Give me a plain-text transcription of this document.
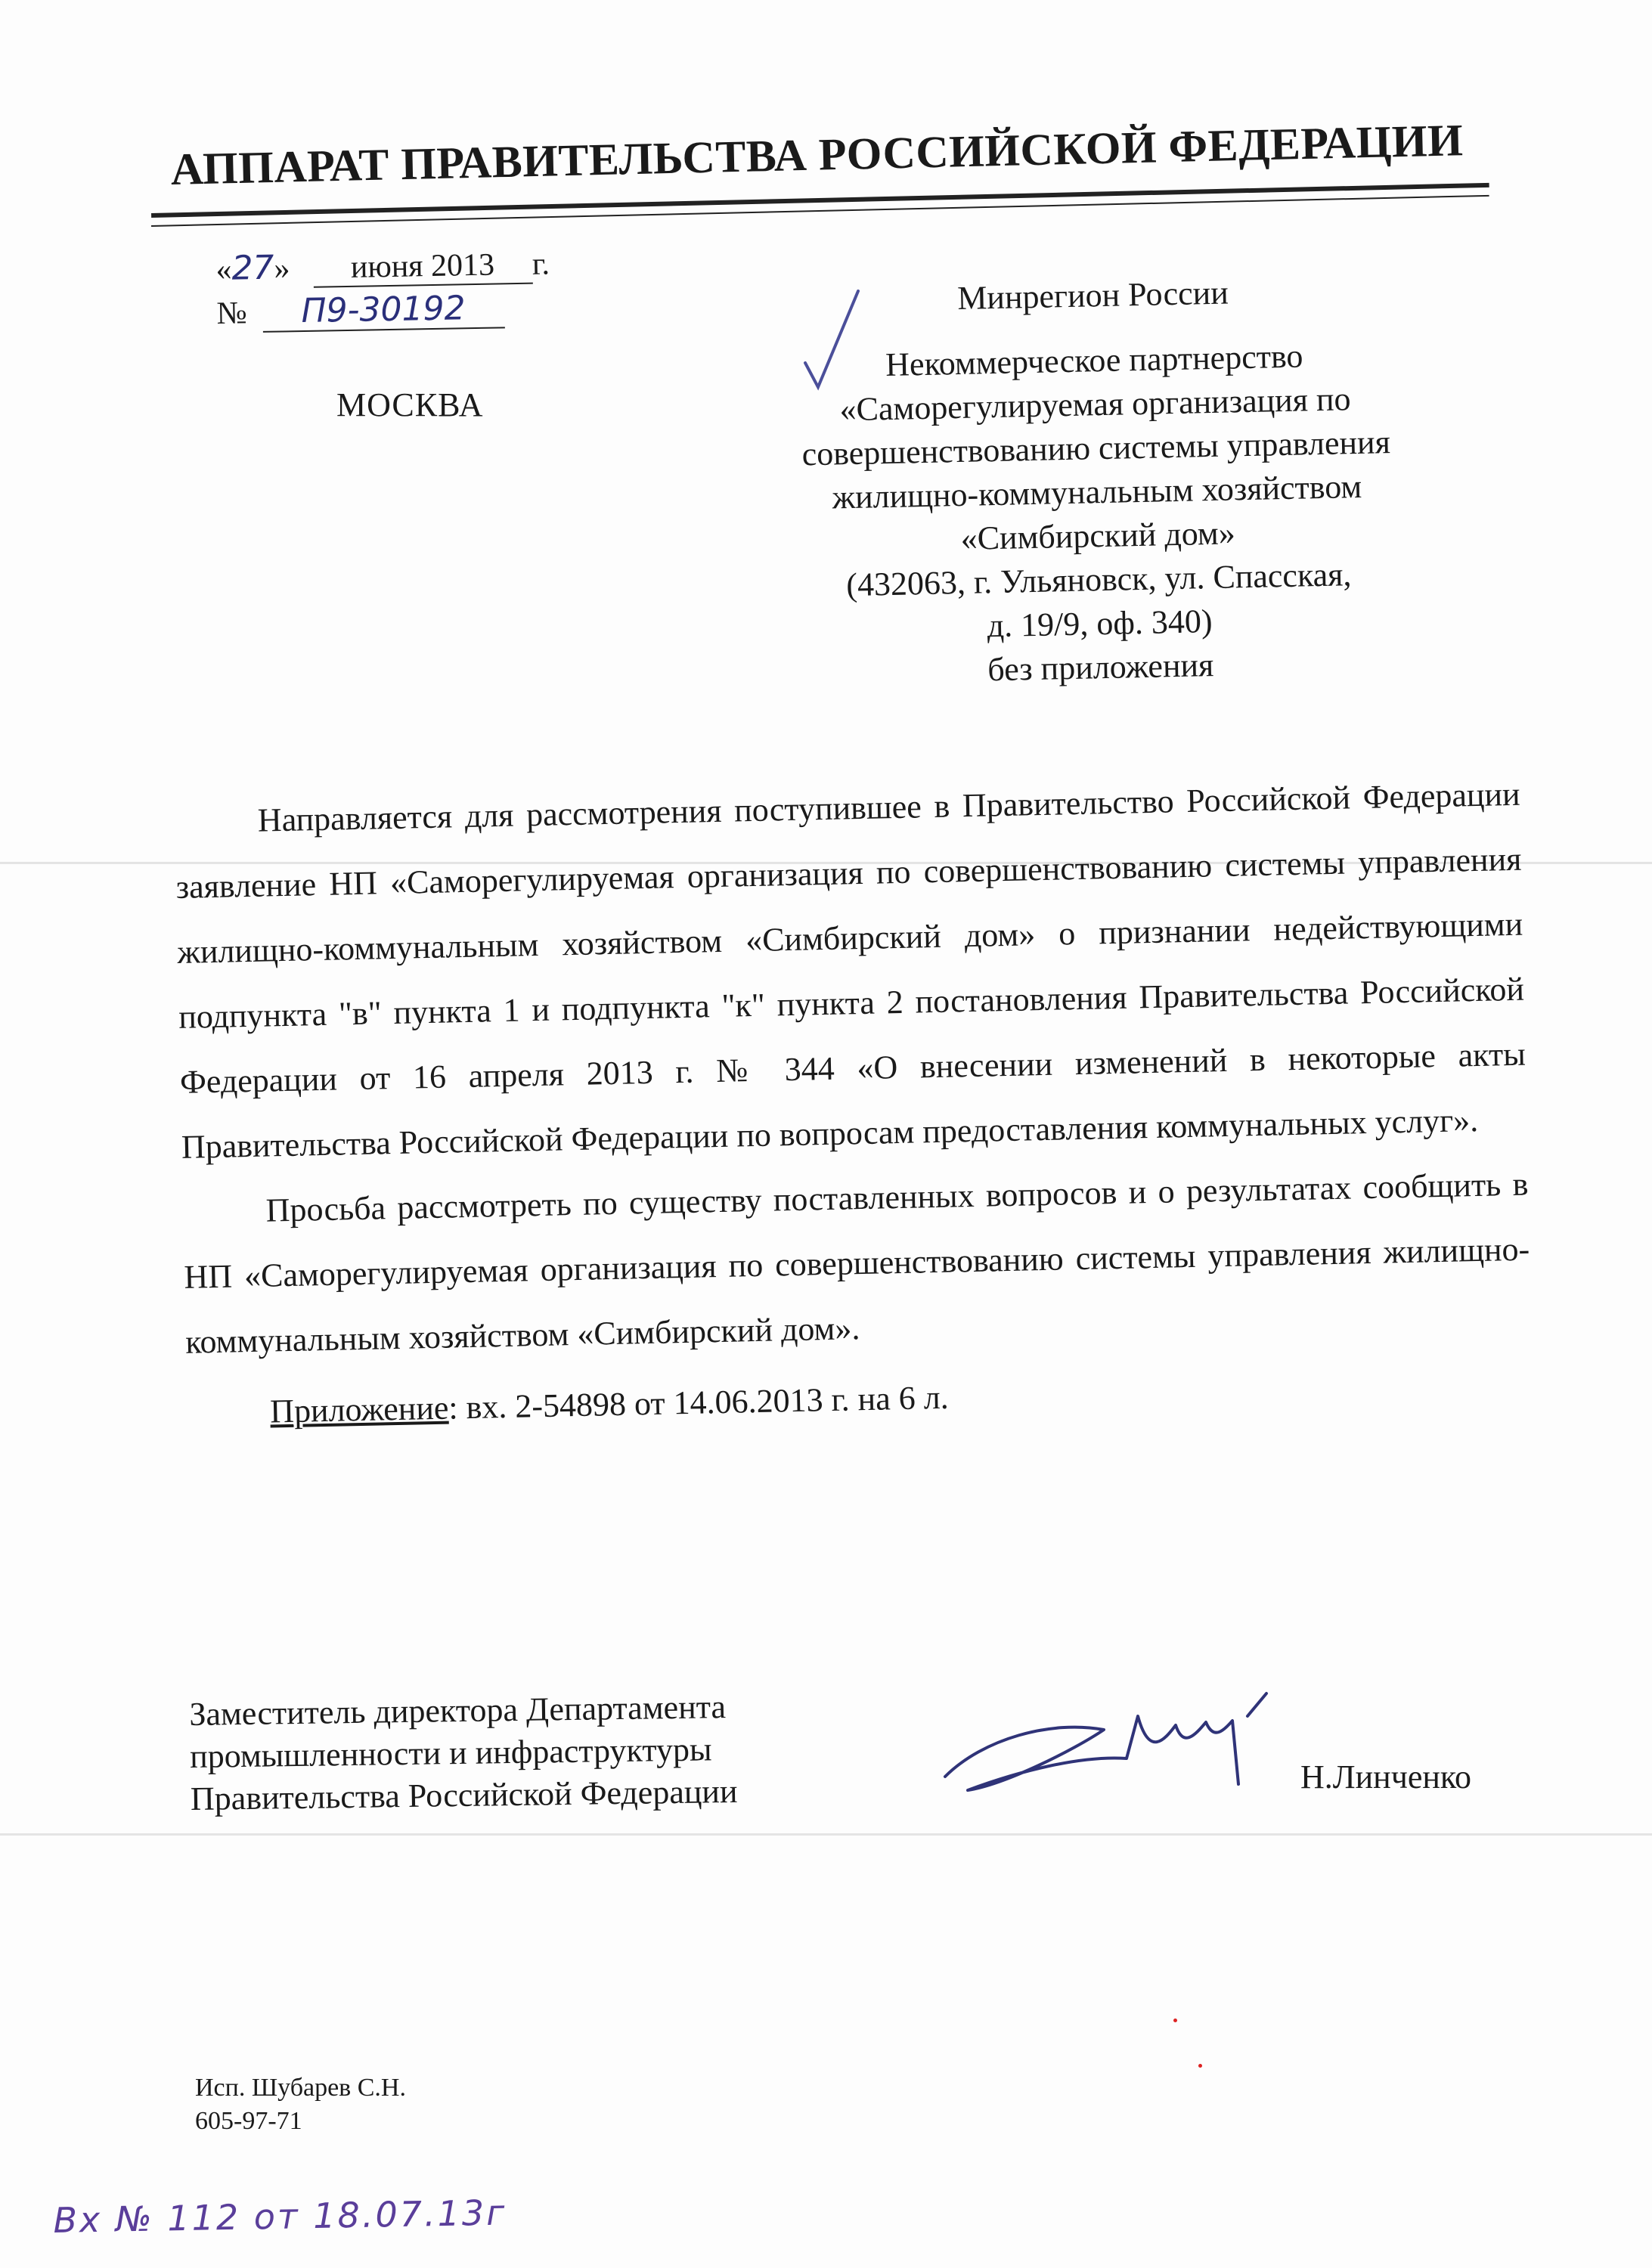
АППАРАТ ПРАВИТЕЛЬСТВА РОССИЙСКОЙ ФЕДЕРАЦИИ
«27» июня 2013 г.
№ П9-30192
МОСКВА
Минрегион России
Некоммерческое партнерство
«Саморегулируемая организация по
совершенствованию системы управления
жилищно-коммунальным хозяйством
«Симбирский дом»
(432063, г. Ульяновск, ул. Спасская,
д. 19/9, оф. 340)
без приложения

Направляется для рассмотрения поступившее в Правительство Российской Федерации заявление НП «Саморегулируемая организация по совершенствованию системы управления жилищно-коммунальным хозяйством «Симбирский дом» о признании недействующими подпункта "в" пункта 1 и подпункта "к" пункта 2 постановления Правительства Российской Федерации от 16 апреля 2013 г. № 344 «О внесении изменений в некоторые акты Правительства Российской Федерации по вопросам предоставления коммунальных услуг».

Просьба рассмотреть по существу поставленных вопросов и о результатах сообщить в НП «Саморегулируемая организация по совершенствованию системы управления жилищно-коммунальным хозяйством «Симбирский дом».

Приложение: вх. 2-54898 от 14.06.2013 г. на 6 л.

Заместитель директора Департамента
промышленности и инфраструктуры
Правительства Российской Федерации	Н.Линченко
Исп. Шубарев С.Н.
605-97-71
Вх № 112 от 18.07.13г
